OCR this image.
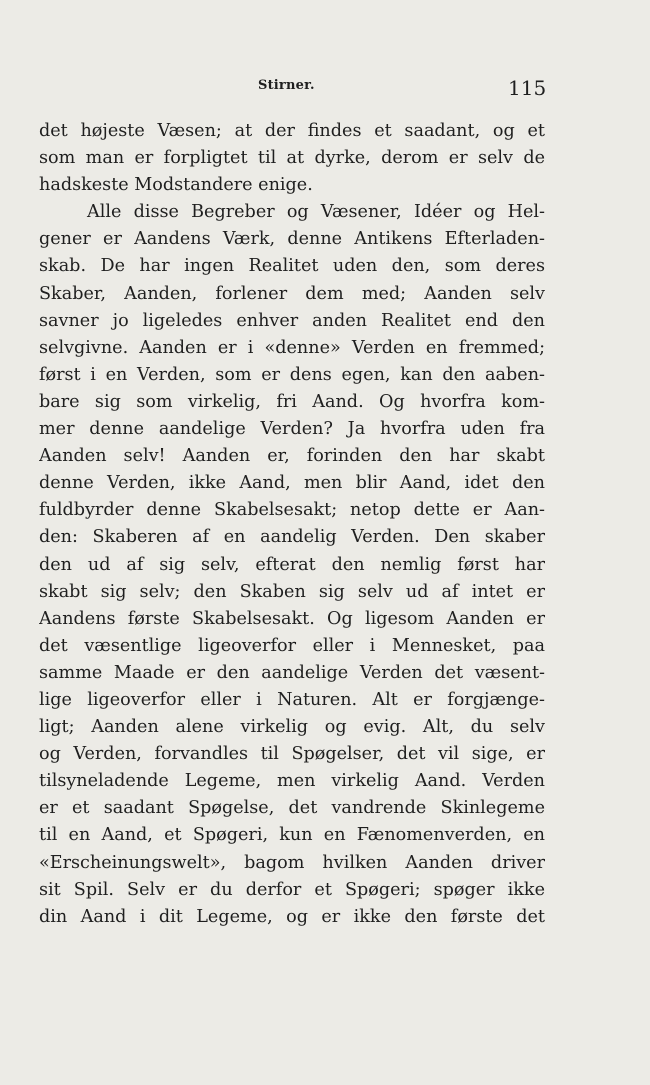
Stirner.	115
det højeste Væsen; at der findes et saadant, og et
som man er forpligtet til at dyrke, derom er selv de
hadskeste Modstandere enige.
Alle disse Begreber og Væsener, Idéer og Hel-
gener er Aandens Værk, denne Antikens Efterladen-
skab. De har ingen Realitet uden den, som deres
Skaber, Aanden, forlener dem med; Aanden selv
savner jo ligeledes enhver anden Realitet end den
selvgivne. Aanden er i «denne» Verden en fremmed;
først i en Verden, som er dens egen, kan den aaben-
bare sig som virkelig, fri Aand. Og hvorfra kom-
mer denne aandelige Verden? Ja hvorfra uden fra
Aanden selv! Aanden er, forinden den har skabt
denne Verden, ikke Aand, men blir Aand, idet den
fuldbyrder denne Skabelsesakt; netop dette er Aan-
den: Skaberen af en aandelig Verden. Den skaber
den ud af sig selv, efterat den nemlig først har
skabt sig selv; den Skaben sig selv ud af intet er
Aandens første Skabelsesakt. Og ligesom Aanden er
det væsentlige ligeoverfor eller i Mennesket, paa
samme Maade er den aandelige Verden det væsent-
lige ligeoverfor eller i Naturen. Alt er forgjænge-
ligt; Aanden alene virkelig og evig. Alt, du selv
og Verden, forvandles til Spøgelser, det vil sige, er
tilsyneladende Legeme, men virkelig Aand. Verden
er et saadant Spøgelse, det vandrende Skinlegeme
til en Aand, et Spøgeri, kun en Fænomenverden, en
«Erscheinungswelt», bagom hvilken Aanden driver
sit Spil. Selv er du derfor et Spøgeri; spøger ikke
din Aand i dit Legeme, og er ikke den første det
